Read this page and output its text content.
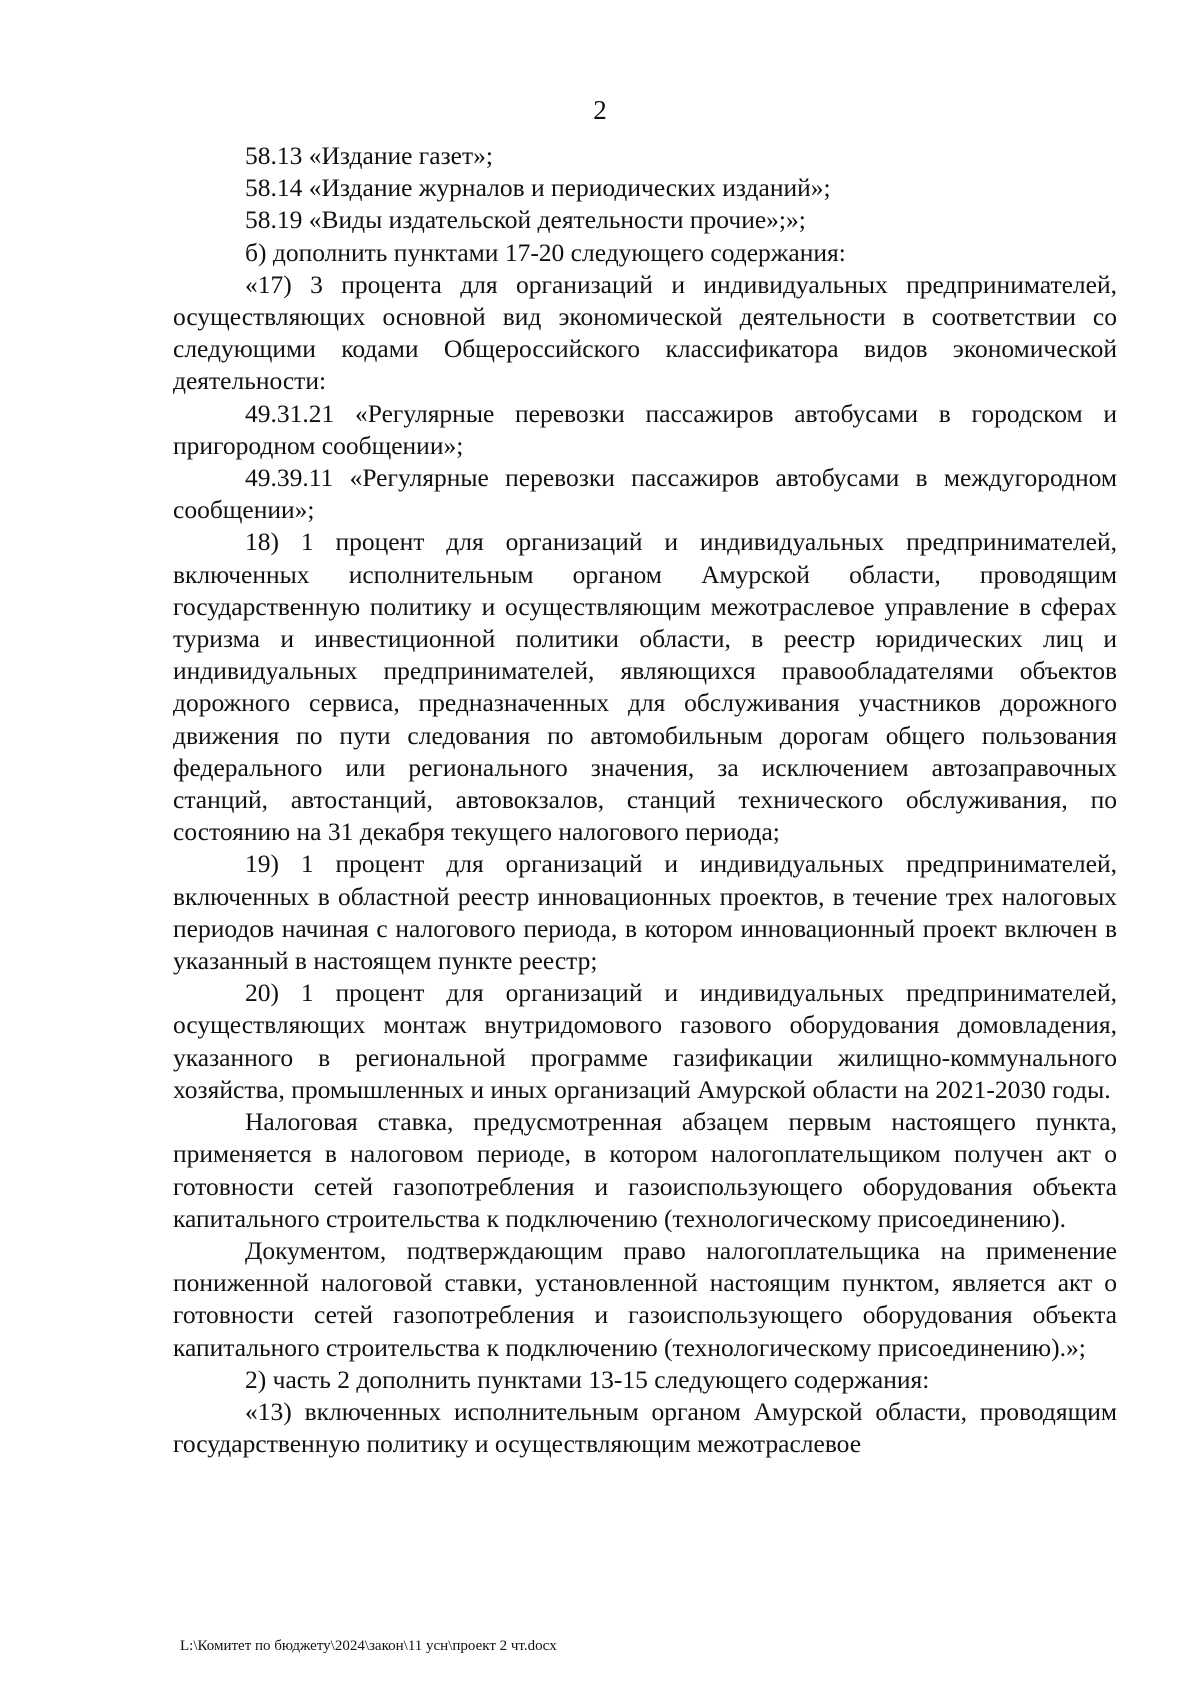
2

58.13 «Издание газет»;

58.14 «Издание журналов и периодических изданий»;

58.19 «Виды издательской деятельности прочие»;»;

б) дополнить пунктами 17-20 следующего содержания:

«17) 3 процента для организаций и индивидуальных предпринимателей, осуществляющих основной вид экономической деятельности в соответствии со следующими кодами Общероссийского классификатора видов экономической деятельности:

49.31.21 «Регулярные перевозки пассажиров автобусами в городском и пригородном сообщении»;

49.39.11 «Регулярные перевозки пассажиров автобусами в междугородном сообщении»;

18) 1 процент для организаций и индивидуальных предпринимателей, включенных исполнительным органом Амурской области, проводящим государственную политику и осуществляющим межотраслевое управление в сферах туризма и инвестиционной политики области, в реестр юридических лиц и индивидуальных предпринимателей, являющихся правообладателями объектов дорожного сервиса, предназначенных для обслуживания участников дорожного движения по пути следования по автомобильным дорогам общего пользования федерального или регионального значения, за исключением автозаправочных станций, автостанций, автовокзалов, станций технического обслуживания, по состоянию на 31 декабря текущего налогового периода;

19) 1 процент для организаций и индивидуальных предпринимателей, включенных в областной реестр инновационных проектов, в течение трех налоговых периодов начиная с налогового периода, в котором инновационный проект включен в указанный в настоящем пункте реестр;

20) 1 процент для организаций и индивидуальных предпринимателей, осуществляющих монтаж внутридомового газового оборудования домовладения, указанного в региональной программе газификации жилищно-коммунального хозяйства, промышленных и иных организаций Амурской области на 2021-2030 годы.

Налоговая ставка, предусмотренная абзацем первым настоящего пункта, применяется в налоговом периоде, в котором налогоплательщиком получен акт о готовности сетей газопотребления и газоиспользующего оборудования объекта капитального строительства к подключению (технологическому присоединению).

Документом, подтверждающим право налогоплательщика на применение пониженной налоговой ставки, установленной настоящим пунктом, является акт о готовности сетей газопотребления и газоиспользующего оборудования объекта капитального строительства к подключению (технологическому присоединению).»;

2) часть 2 дополнить пунктами 13-15 следующего содержания:

«13) включенных исполнительным органом Амурской области, проводящим государственную политику и осуществляющим межотраслевое

L:\Комитет по бюджету\2024\закон\11 усн\проект 2 чт.docx
